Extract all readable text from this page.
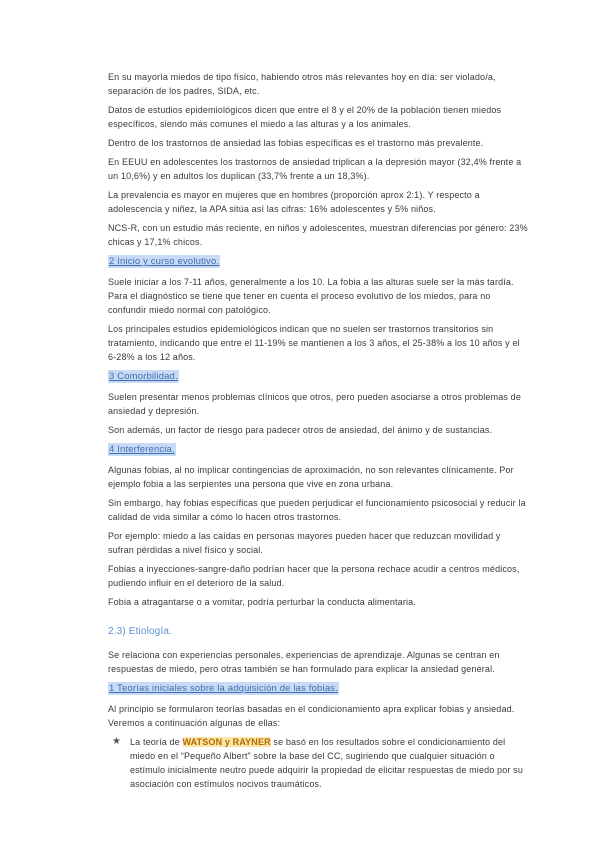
En su mayoría miedos de tipo físico, habiendo otros más relevantes hoy en día: ser violado/a, separación de los padres, SIDA, etc.

Datos de estudios epidemiológicos dicen que entre el 8 y el 20% de la población tienen miedos específicos, siendo más comunes el miedo a las alturas y a los animales.

Dentro de los trastornos de ansiedad las fobias específicas es el trastorno más prevalente.

En EEUU en adolescentes los trastornos de ansiedad triplican a la depresión mayor (32,4% frente a un 10,6%) y en adultos los duplican (33,7% frente a un 18,3%).

La prevalencia es mayor en mujeres que en hombres (proporción aprox 2:1). Y respecto a adolescencia y niñez, la APA sitúa así las cifras: 16% adolescentes y 5% niños.

NCS-R, con un estudio más reciente, en niños y adolescentes, muestran diferencias por género: 23% chicas y 17,1% chicos.

2 Inicio y curso evolutivo.

Suele iniciar a los 7-11 años, generalmente a los 10. La fobia a las alturas suele ser la más tardía. Para el diagnóstico se tiene que tener en cuenta el proceso evolutivo de los miedos, para no confundir miedo normal con patológico.

Los principales estudios epidemiológicos indican que no suelen ser trastornos transitorios sin tratamiento, indicando que entre el 11-19% se mantienen a los 3 años, el 25-38% a los 10 años y el 6-28% a los 12 años.

3 Comorbilidad.

Suelen presentar menos problemas clínicos que otros, pero pueden asociarse a otros problemas de ansiedad y depresión.

Son además, un factor de riesgo para padecer otros de ansiedad, del ánimo y de sustancias.

4 Interferencia.

Algunas fobias, al no implicar contingencias de aproximación, no son relevantes clínicamente. Por ejemplo fobia a las serpientes una persona que vive en zona urbana.

Sin embargo, hay fobias específicas que pueden perjudicar el funcionamiento psicosocial y reducir la calidad de vida similar a cómo lo hacen otros trastornos.

Por ejemplo: miedo a las caídas en personas mayores pueden hacer que reduzcan movilidad y sufran pérdidas a nivel físico y social.

Fobias a inyecciones-sangre-daño podrían hacer que la persona rechace acudir a centros médicos, pudiendo influir en el deterioro de la salud.

Fobia a atragantarse o a vomitar, podría perturbar la conducta alimentaria.

2.3) Etiología.

Se relaciona con experiencias personales, experiencias de aprendizaje. Algunas se centran en respuestas de miedo, pero otras también se han formulado para explicar la ansiedad general.

1 Teorías iniciales sobre la adquisición de las fobias.

Al principio se formularon teorías basadas en el condicionamiento apra explicar fobias y ansiedad. Veremos a continuación algunas de ellas:

★ La teoría de WATSON y RAYNER se basó en los resultados sobre el condicionamiento del miedo en el “Pequeño Albert” sobre la base del CC, sugiriendo que cualquier situación o estímulo inicialmente neutro puede adquirir la propiedad de elicitar respuestas de miedo por su asociación con estímulos nocivos traumáticos.
